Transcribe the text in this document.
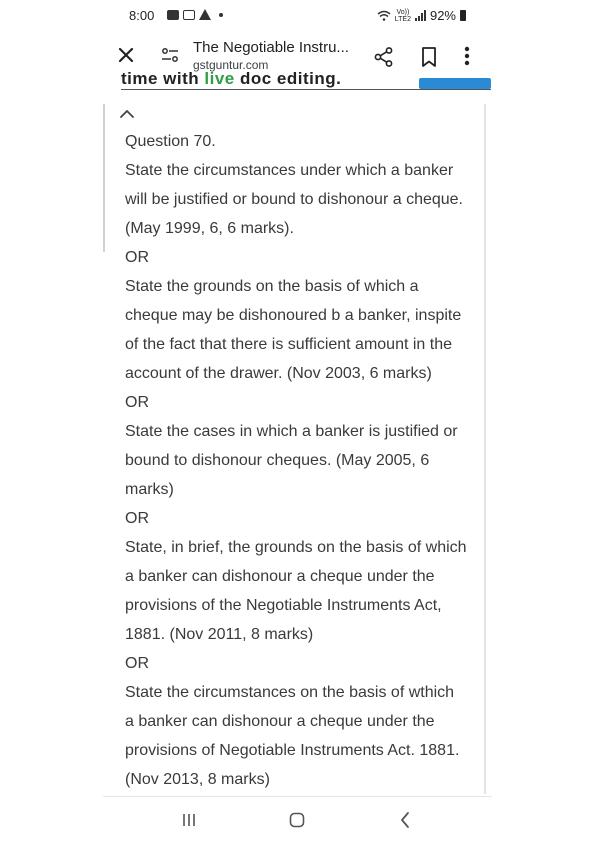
8:00	Vo))
LTE2 92%
The Negotiable Instru...
gstguntur.com
time with live doc editing.

Question 70.

State the circumstances under which a banker

will be justified or bound to dishonour a cheque.

(May 1999, 6, 6 marks).

OR

State the grounds on the basis of which a

cheque may be dishonoured b a banker, inspite

of the fact that there is sufficient amount in the

account of the drawer. (Nov 2003, 6 marks)

OR

State the cases in which a banker is justified or

bound to dishonour cheques. (May 2005, 6

marks)

OR

State, in brief, the grounds on the basis of which

a banker can dishonour a cheque under the

provisions of the Negotiable Instruments Act,

1881. (Nov 2011, 8 marks)

OR

State the circumstances on the basis of wthich

a banker can dishonour a cheque under the

provisions of Negotiable Instruments Act. 1881.

(Nov 2013, 8 marks)
